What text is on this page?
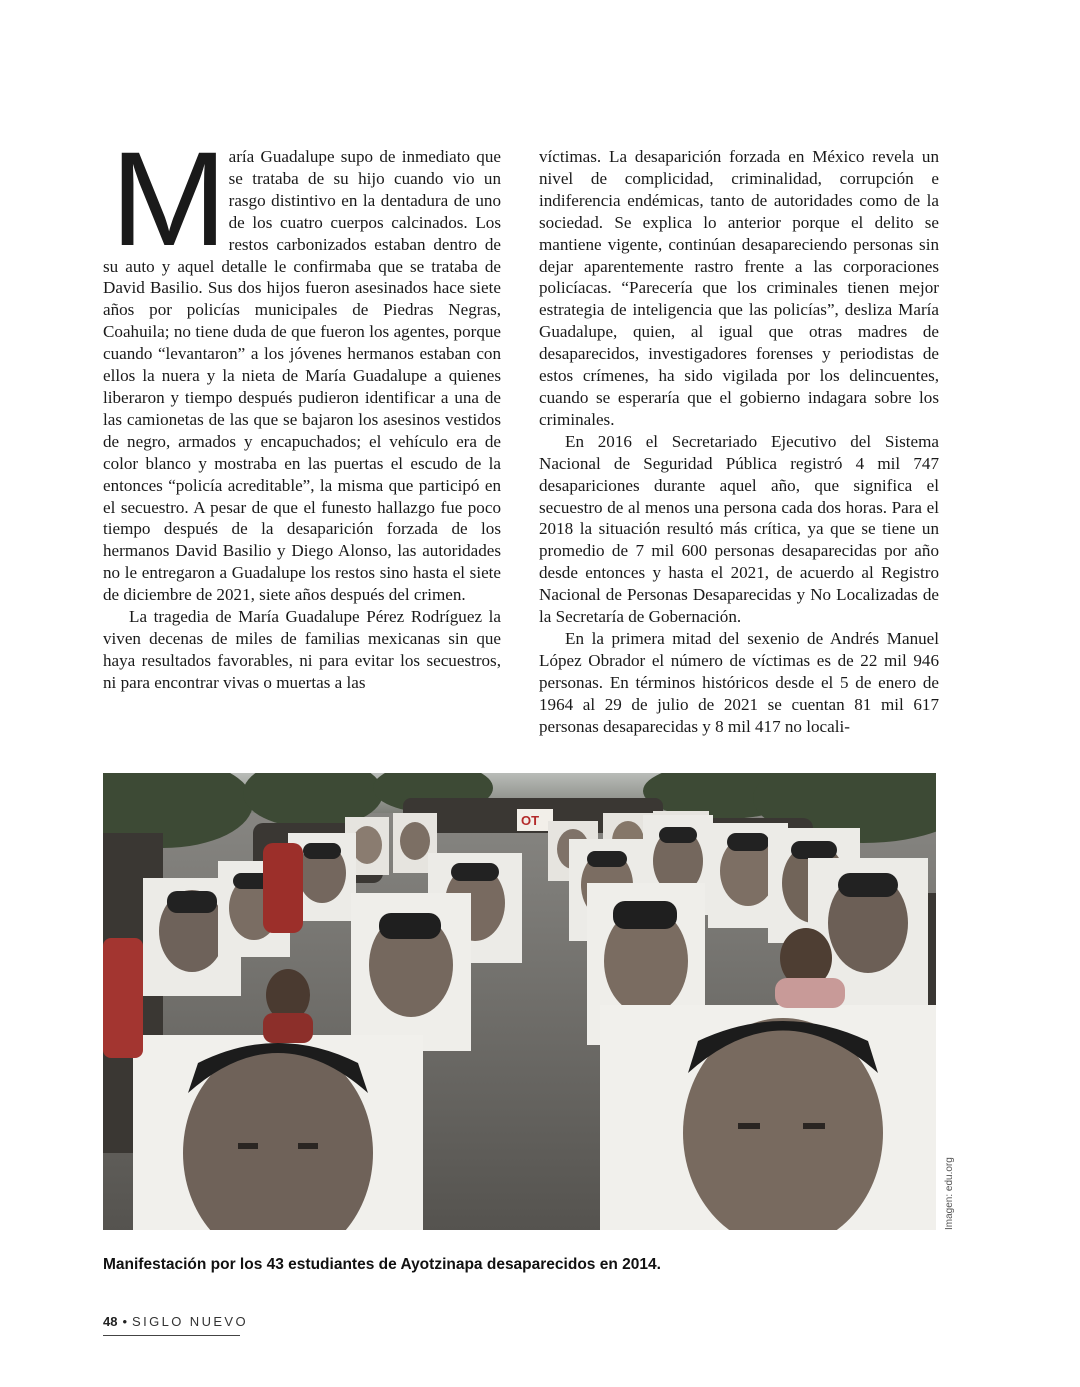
M aría Guadalupe supo de inmediato que se trataba de su hijo cuando vio un rasgo distintivo en la dentadura de uno de los cuatro cuerpos calcinados. Los restos carbonizados estaban dentro de su auto y aquel detalle le confirmaba que se trataba de David Basilio. Sus dos hijos fueron asesinados hace siete años por policías municipales de Piedras Negras, Coahuila; no tiene duda de que fueron los agentes, porque cuando “levantaron” a los jóvenes hermanos estaban con ellos la nuera y la nieta de María Guadalupe a quienes liberaron y tiempo después pudieron identificar a una de las camionetas de las que se bajaron los asesinos vestidos de negro, armados y encapuchados; el vehículo era de color blanco y mostraba en las puertas el escudo de la entonces “policía acreditable”, la misma que participó en el secuestro. A pesar de que el funesto hallazgo fue poco tiempo después de la desaparición forzada de los hermanos David Basilio y Diego Alonso, las autoridades no le entregaron a Guadalupe los restos sino hasta el siete de diciembre de 2021, siete años después del crimen.

La tragedia de María Guadalupe Pérez Rodríguez la viven decenas de miles de familias mexicanas sin que haya resultados favorables, ni para evitar los secuestros, ni para encontrar vivas o muertas a las

víctimas. La desaparición forzada en México revela un nivel de complicidad, criminalidad, corrupción e indiferencia endémicas, tanto de autoridades como de la sociedad. Se explica lo anterior porque el delito se mantiene vigente, continúan desapareciendo personas sin dejar aparentemente rastro frente a las corporaciones policíacas. “Parecería que los criminales tienen mejor estrategia de inteligencia que las policías”, desliza María Guadalupe, quien, al igual que otras madres de desaparecidos, investigadores forenses y periodistas de estos crímenes, ha sido vigilada por los delincuentes, cuando se esperaría que el gobierno indagara sobre los criminales.

En 2016 el Secretariado Ejecutivo del Sistema Nacional de Seguridad Pública registró 4 mil 747 desapariciones durante aquel año, que significa el secuestro de al menos una persona cada dos horas. Para el 2018 la situación resultó más crítica, ya que se tiene un promedio de 7 mil 600 personas desaparecidas por año desde entonces y hasta el 2021, de acuerdo al Registro Nacional de Personas Desaparecidas y No Localizadas de la Secretaría de Gobernación.

En la primera mitad del sexenio de Andrés Manuel López Obrador el número de víctimas es de 22 mil 946 personas. En términos históricos desde el 5 de enero de 1964 al 29 de julio de 2021 se cuentan 81 mil 617 personas desaparecidas y 8 mil 417 no locali-

OT
Imagen: edu.org
Manifestación por los 43 estudiantes de Ayotzinapa desaparecidos en 2014.
48 • SIGLO NUEVO
